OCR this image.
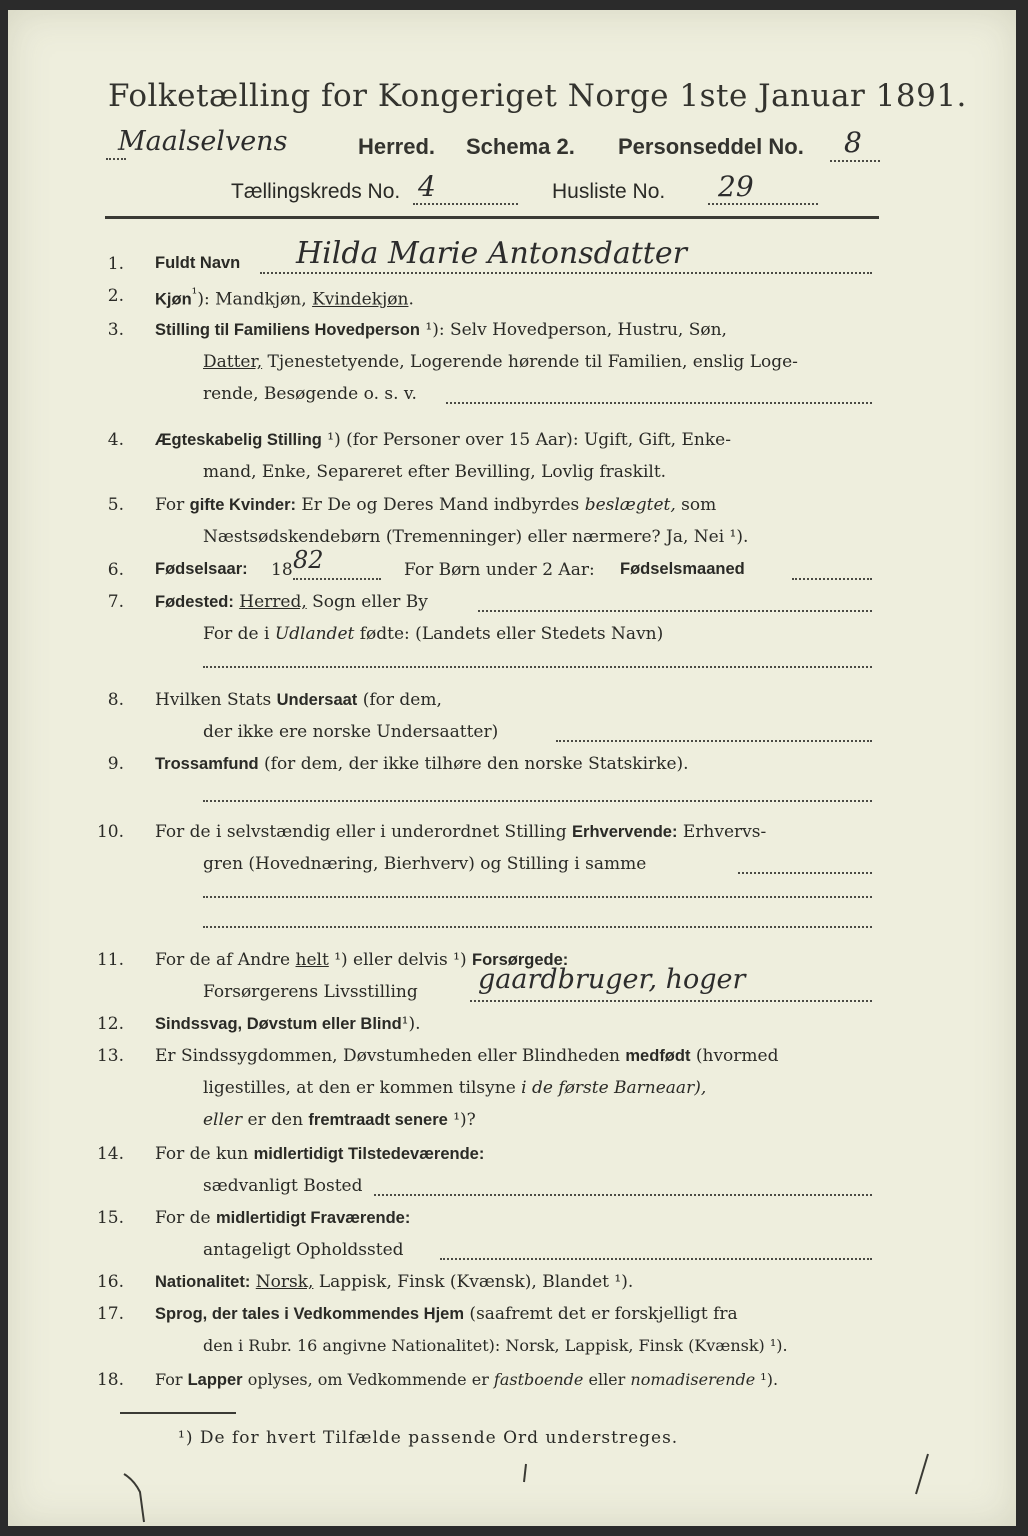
Folketælling for Kongeriget Norge 1ste Januar 1891.
Maalselvens	Herred. Schema 2. Personseddel No. 8
Tællingskreds No. 4	Husliste No. 29
1. Fuldt Navn Hilda Marie Antonsdatter
2. Kjøn$^{^1}$): Mandkjøn, Kvindekjøn.
3. Stilling til Familiens Hovedperson ¹): Selv Hovedperson, Hustru, Søn,
Datter, Tjenestetyende, Logerende hørende til Familien, enslig Loge-
rende, Besøgende o. s. v.
4. Ægteskabelig Stilling ¹) (for Personer over 15 Aar): Ugift, Gift, Enke-
mand, Enke, Separeret efter Bevilling, Lovlig fraskilt.
5. For gifte Kvinder: Er De og Deres Mand indbyrdes beslægtet, som
Næstsødskendebørn (Tremenninger) eller nærmere? Ja, Nei ¹).
6. Fødselsaar: 18 82	For Børn under 2 Aar: Fødselsmaaned
7. Fødested: Herred, Sogn eller By
For de i Udlandet fødte: (Landets eller Stedets Navn)
8. Hvilken Stats Undersaat (for dem,
der ikke ere norske Undersaatter)
9. Trossamfund (for dem, der ikke tilhøre den norske Statskirke).
10. For de i selvstændig eller i underordnet Stilling Erhvervende: Erhvervs-
gren (Hovednæring, Bierhverv) og Stilling i samme
11. For de af Andre helt ¹) eller delvis ¹) Forsørgede:
Forsørgerens Livsstilling gaardbruger, hoger
12. Sindssvag, Døvstum eller Blind¹).
13. Er Sindssygdommen, Døvstumheden eller Blindheden medfødt (hvormed
ligestilles, at den er kommen tilsyne i de første Barneaar),
eller er den fremtraadt senere ¹)?
14. For de kun midlertidigt Tilstedeværende:
sædvanligt Bosted
15. For de midlertidigt Fraværende:
antageligt Opholdssted
16. Nationalitet: Norsk, Lappisk, Finsk (Kvænsk), Blandet ¹).
17. Sprog, der tales i Vedkommendes Hjem (saafremt det er forskjelligt fra
den i Rubr. 16 angivne Nationalitet): Norsk, Lappisk, Finsk (Kvænsk) ¹).
18. For Lapper oplyses, om Vedkommende er fastboende eller nomadiserende ¹).
¹) De for hvert Tilfælde passende Ord understreges.
